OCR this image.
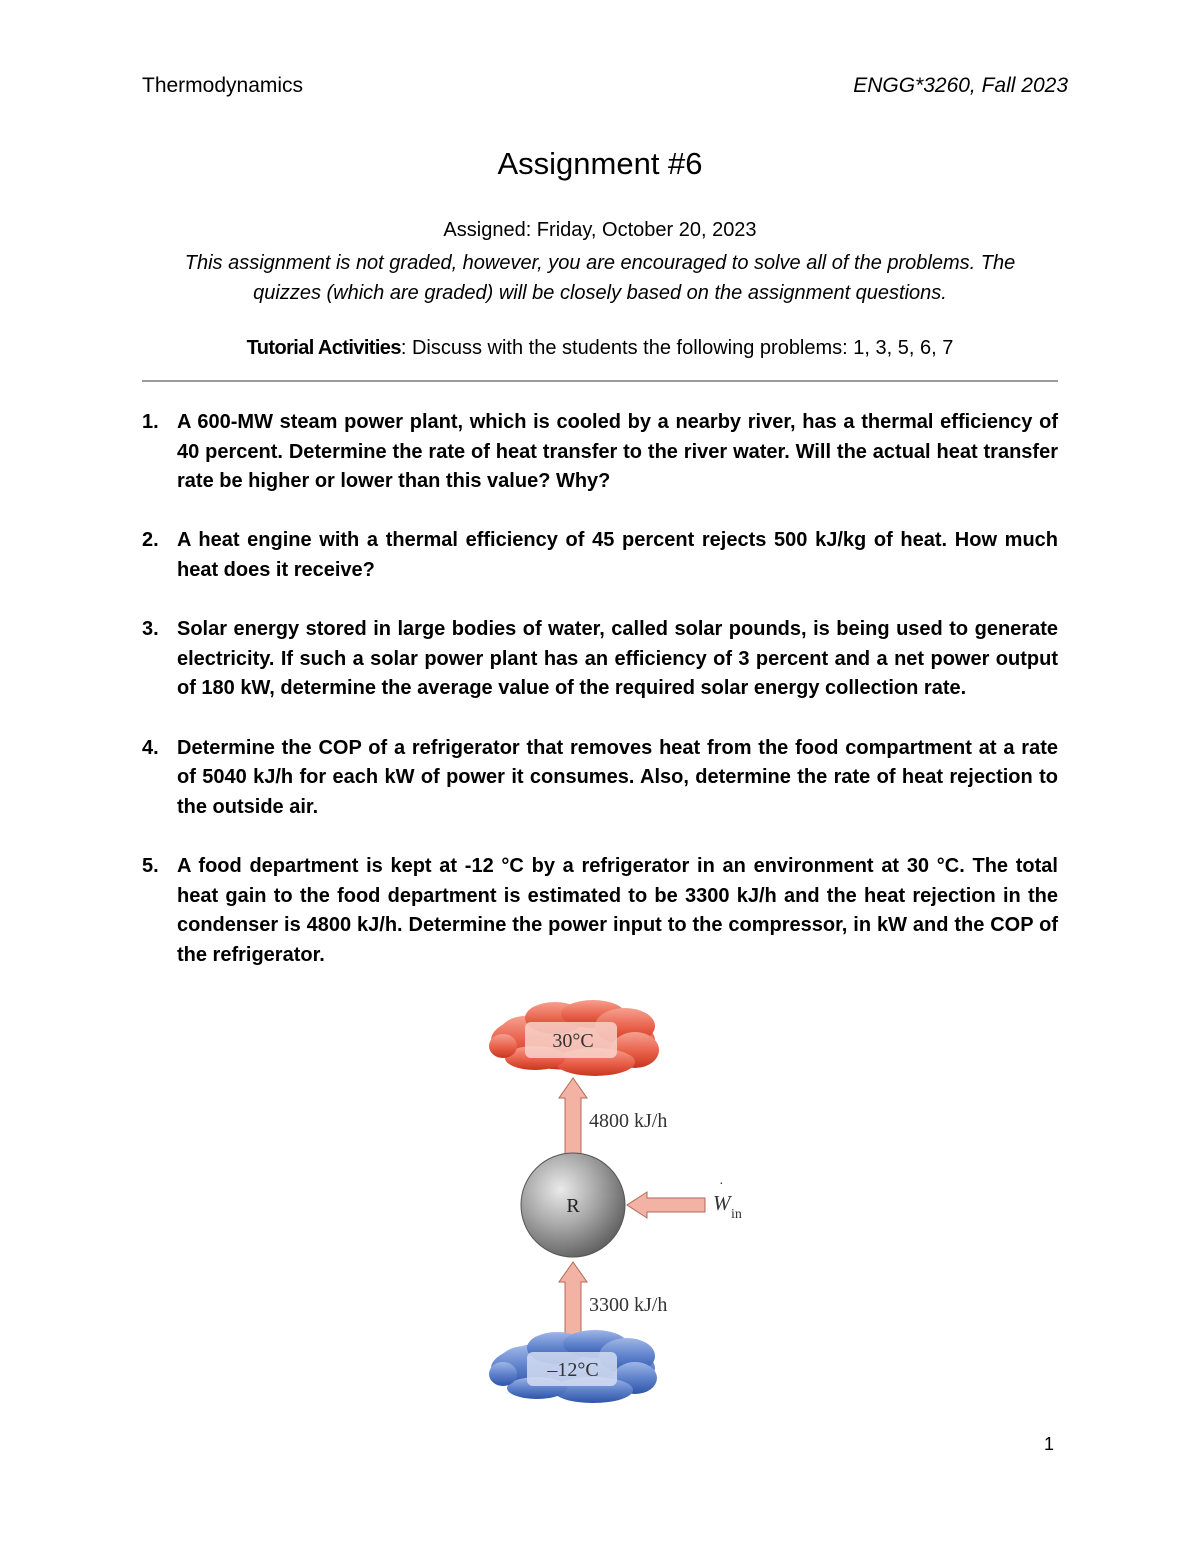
Thermodynamics	ENGG*3260, Fall 2023
Assignment #6
Assigned: Friday, October 20, 2023
This assignment is not graded, however, you are encouraged to solve all of the problems. The quizzes (which are graded) will be closely based on the assignment questions.
Tutorial Activities: Discuss with the students the following problems: 1, 3, 5, 6, 7
1. A 600-MW steam power plant, which is cooled by a nearby river, has a thermal efficiency of 40 percent. Determine the rate of heat transfer to the river water. Will the actual heat transfer rate be higher or lower than this value? Why?
2. A heat engine with a thermal efficiency of 45 percent rejects 500 kJ/kg of heat. How much heat does it receive?
3. Solar energy stored in large bodies of water, called solar pounds, is being used to generate electricity. If such a solar power plant has an efficiency of 3 percent and a net power output of 180 kW, determine the average value of the required solar energy collection rate.
4. Determine the COP of a refrigerator that removes heat from the food compartment at a rate of 5040 kJ/h for each kW of power it consumes. Also, determine the rate of heat rejection to the outside air.
5. A food department is kept at -12 °C by a refrigerator in an environment at 30 °C. The total heat gain to the food department is estimated to be 3300 kJ/h and the heat rejection in the condenser is 4800 kJ/h. Determine the power input to the compressor, in kW and the COP of the refrigerator.
30°C
4800 kJ/h
R	W
·
in
3300 kJ/h
–12°C
1
